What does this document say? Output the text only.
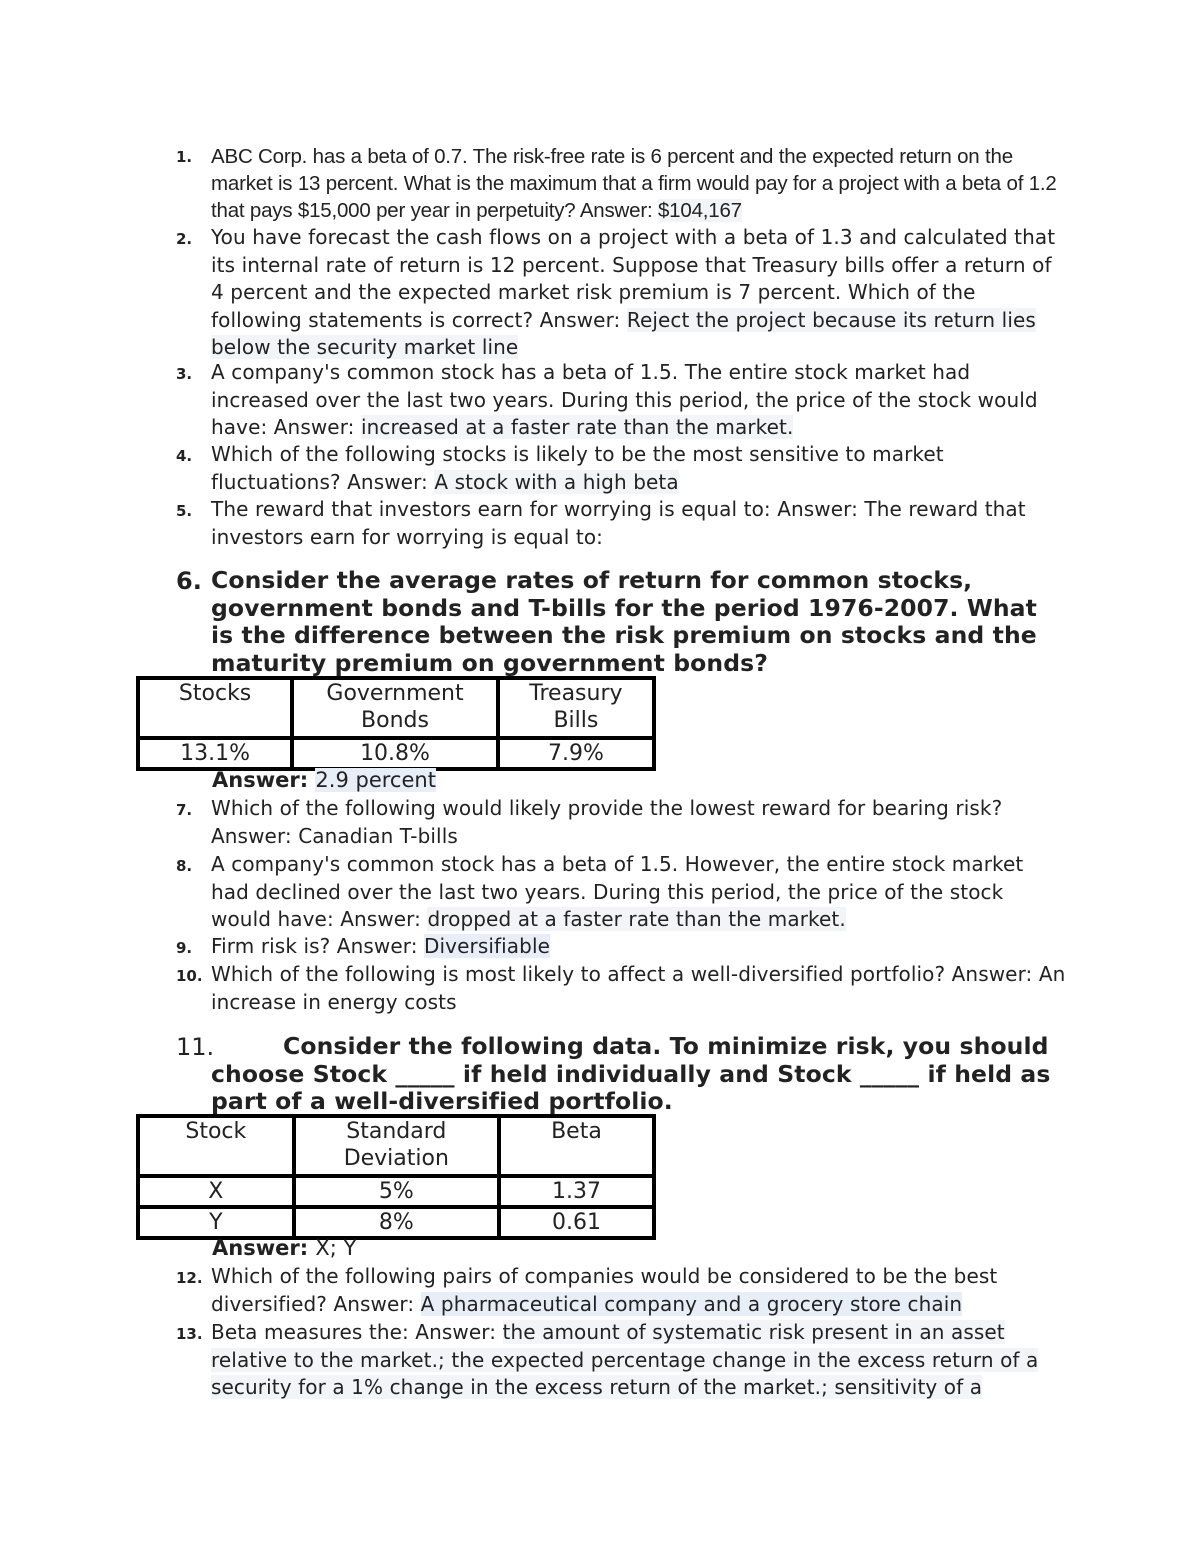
1. ABC Corp. has a beta of 0.7. The risk-free rate is 6 percent and the expected return on the market is 13 percent. What is the maximum that a firm would pay for a project with a beta of 1.2 that pays $15,000 per year in perpetuity? Answer: $104,167
2. You have forecast the cash flows on a project with a beta of 1.3 and calculated that its internal rate of return is 12 percent. Suppose that Treasury bills offer a return of 4 percent and the expected market risk premium is 7 percent. Which of the following statements is correct? Answer: Reject the project because its return lies below the security market line
3. A company's common stock has a beta of 1.5. The entire stock market had increased over the last two years. During this period, the price of the stock would have: Answer: increased at a faster rate than the market.
4. Which of the following stocks is likely to be the most sensitive to market fluctuations? Answer: A stock with a high beta
5. The reward that investors earn for worrying is equal to: Answer: The reward that investors earn for worrying is equal to:
6. Consider the average rates of return for common stocks, government bonds and T-bills for the period 1976-2007. What is the difference between the risk premium on stocks and the maturity premium on government bonds?
Stocks	Government Bonds	Treasury Bills
13.1%	10.8%	7.9%
Answer: 2.9 percent
7. Which of the following would likely provide the lowest reward for bearing risk? Answer: Canadian T-bills
8. A company's common stock has a beta of 1.5. However, the entire stock market had declined over the last two years. During this period, the price of the stock would have: Answer: dropped at a faster rate than the market.
9. Firm risk is? Answer: Diversifiable
10. Which of the following is most likely to affect a well-diversified portfolio? Answer: An increase in energy costs
11.	Consider the following data. To minimize risk, you should choose Stock _____ if held individually and Stock _____ if held as part of a well-diversified portfolio.
Stock	Standard Deviation	Beta
X	5%	1.37
Y	8%	0.61
Answer: X; Y
12. Which of the following pairs of companies would be considered to be the best diversified? Answer: A pharmaceutical company and a grocery store chain
13. Beta measures the: Answer: the amount of systematic risk present in an asset relative to the market.; the expected percentage change in the excess return of a security for a 1% change in the excess return of the market.; sensitivity of a
